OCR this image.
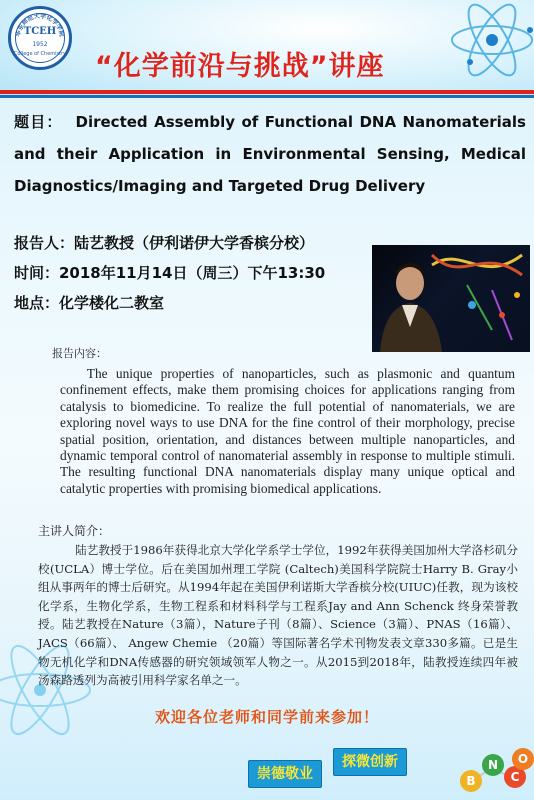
华东师范大学化学学院
TCEH
1952
College of Chemistry “化学前沿与挑战”讲座
题目： Directed Assembly of Functional DNA Nanomaterials and their Application in Environmental Sensing, Medical Diagnostics/Imaging and Targeted Drug Delivery
报告人：陆艺教授（伊利诺伊大学香槟分校）
时间：2018年11月14日（周三）下午13:30
地点：化学楼化二教室
报告内容：
The unique properties of nanoparticles, such as plasmonic and quantum confinement effects, make them promising choices for applications ranging from catalysis to biomedicine. To realize the full potential of nanomaterials, we are exploring novel ways to use DNA for the fine control of their morphology, precise spatial position, orientation, and distances between multiple nanoparticles, and dynamic temporal control of nanomaterial assembly in response to multiple stimuli. The resulting functional DNA nanomaterials display many unique optical and catalytic properties with promising biomedical applications.
主讲人简介：
陆艺教授于1986年获得北京大学化学系学士学位，1992年获得美国加州大学洛杉矶分校(UCLA）博士学位。后在美国加州理工学院 (Caltech)美国科学院院士Harry B. Gray小组从事两年的博士后研究。从1994年起在美国伊利诺斯大学香槟分校(UIUC)任教，现为该校化学系，生物化学系，生物工程系和材料科学与工程系Jay and Ann Schenck 终身荣誉教授。陆艺教授在Nature（3篇），Nature子刊（8篇）、Science（3篇）、PNAS（16篇）、JACS（66篇）、 Angew Chemie （20篇）等国际著名学术刊物发表文章330多篇。已是生物无机化学和DNA传感器的研究领域领军人物之一。从2015到2018年，陆教授连续四年被汤森路透列为高被引用科学家名单之一。
欢迎各位老师和同学前来参加！
崇德敬业
探微创新
B
N
C
O
